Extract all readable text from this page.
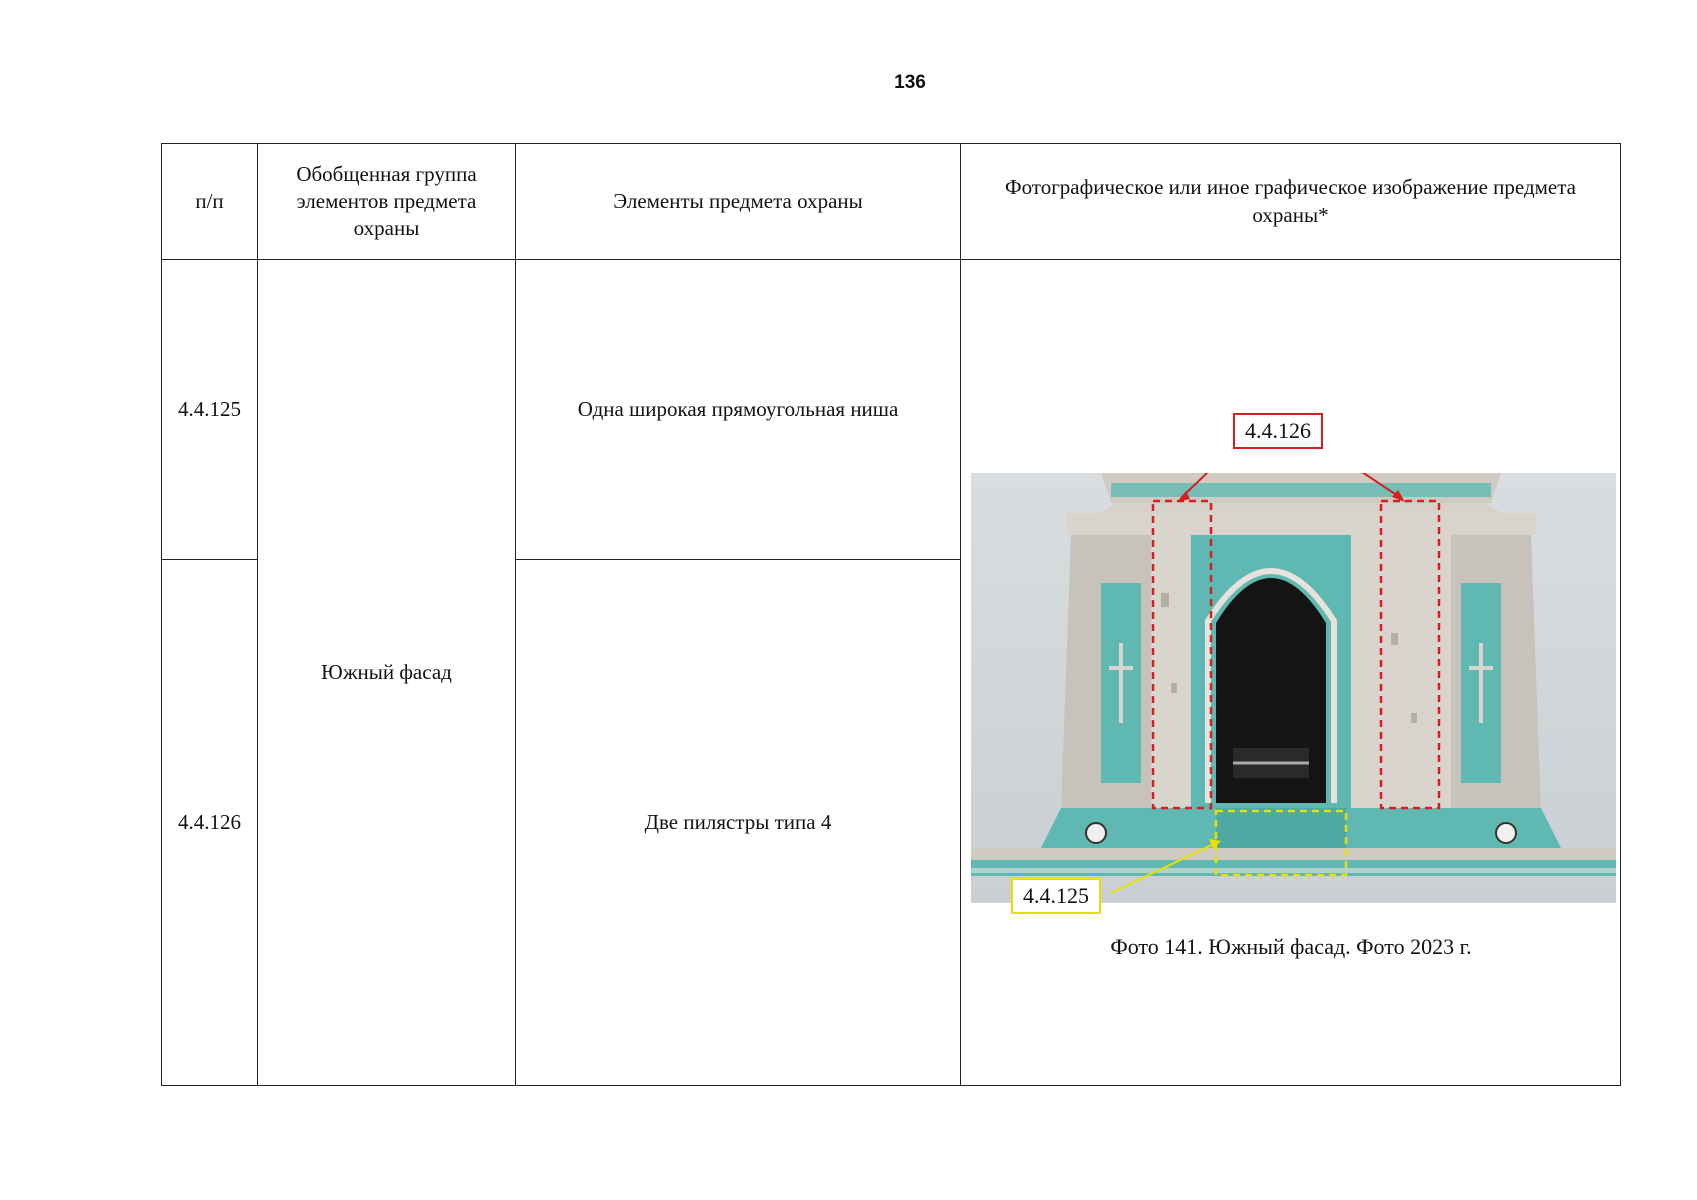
136
п/п	Обобщенная группа элементов предмета охраны	Элементы предмета охраны	Фотографическое или иное графическое изображение предмета охраны*

4.4.125	Южный фасад	Одна широкая прямоугольная ниша	4.4.126
4.4.125
Фото 141. Южный фасад. Фото 2023 г.

4.4.126		Две пилястры типа 4	
